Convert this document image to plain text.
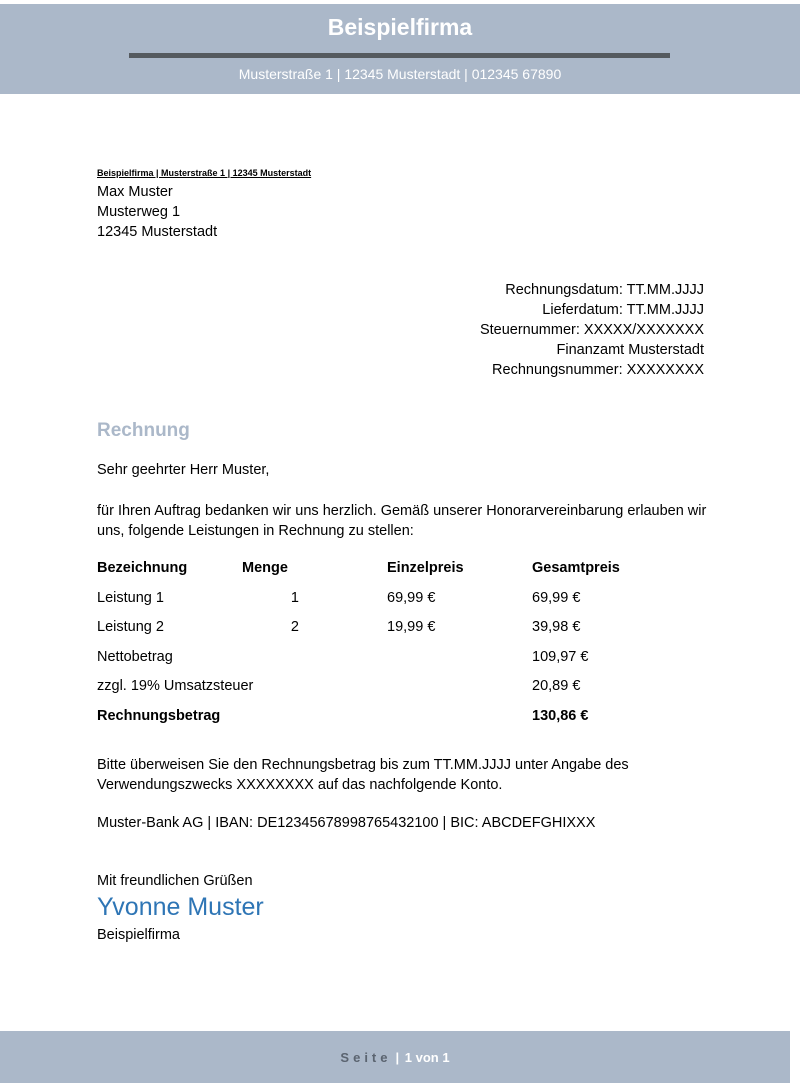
Beispielfirma
Musterstraße 1 | 12345 Musterstadt | 012345 67890
Beispielfirma | Musterstraße 1 | 12345 Musterstadt
Max Muster
Musterweg 1
12345 Musterstadt
Rechnungsdatum: TT.MM.JJJJ
Lieferdatum: TT.MM.JJJJ
Steuernummer: XXXXX/XXXXXXX
Finanzamt Musterstadt
Rechnungsnummer: XXXXXXXX
Rechnung
Sehr geehrter Herr Muster,
für Ihren Auftrag bedanken wir uns herzlich. Gemäß unserer Honorarvereinbarung erlauben wir uns, folgende Leistungen in Rechnung zu stellen:
Bezeichnung	Menge	Einzelpreis	Gesamtpreis
Leistung 1	1	69,99 €	69,99 €
Leistung 2	2	19,99 €	39,98 €
Nettobetrag	109,97 €
zzgl. 19% Umsatzsteuer	20,89 €
Rechnungsbetrag	130,86 €
Bitte überweisen Sie den Rechnungsbetrag bis zum TT.MM.JJJJ unter Angabe des Verwendungszwecks XXXXXXXX auf das nachfolgende Konto.
Muster-Bank AG | IBAN: DE12345678998765432100 | BIC: ABCDEFGHIXXX
Mit freundlichen Grüßen
Yvonne Muster
Beispielfirma
Seite | 1 von 1
